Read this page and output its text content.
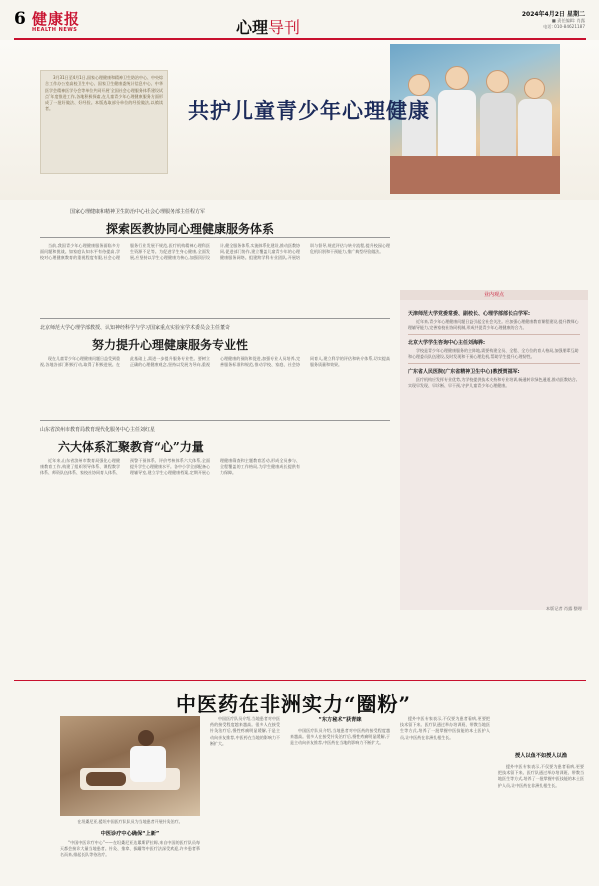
6 健康报
HEALTH NEWS	心理导刊
2024年4月2日 星期二
■ 责任编辑: 肖露
电话: 010-84621187

3月31日至4月1日,国家心理健康和精神卫生防治中心、中央综合工作办公室高校卫生中心、国家卫生健康委统计信息中心、中华医学会精神医学分会等单位共同开展‘全国社会心理服务体系建设试点’年度推进工作,各地积极探索,在儿童青少年心理健康服务方面形成了一批好做法、好经验。本版选取部分单位的经验做法,以飨读者。	共护儿童青少年心理健康
国家心理健康和精神卫生防治中心社会心理服务部主任程方军
探索医教协同心理健康服务体系

当前,我国青少年心理健康服务面临多方面问题和挑战。如家庭认知水平有待提高,学校对心理健康教育的重视程度有限,社会心理服务行业发展不规范,医疗机构精神心理科医生资源不足等。为促进学生身心健康,全面发展,应坚持以学生心理健康为核心,加强顶层设计,健全服务体系,实施体系化建设,推动医教协同,促进部门协作,建立覆盖儿童青少年的心理健康服务网络。组建跨学科专业团队,开展培训与督导,规范评估与转介流程,提升校园心理危机识别和干预能力,推广典型经验做法。

北京师范大学心理学部教授、认知神经科学与学习国家重点实验室学术委员会主任董奇
努力提升心理健康服务专业性

现在儿童青少年心理健康问题日益受到重视,各地各部门积极行动,取得了积极进展。在此基础上,需进一步提升服务专业性。要树立正确的心理健康观念,坚持以发展为导向,重视心理健康的预防和促进,加强专业人员培养,完善服务标准和规范,推动学校、家庭、社会协同育人,建立科学的评估和转介体系,切实提高服务质量和效果。

山东省滨州市教育局教育现代化服务中心主任刘红星
六大体系汇聚教育“心”力量

近年来,山东省滨州市教育局强化心理健康教育工作,构建了组织领导体系、课程教学体系、师资队伍体系、家校社协同育人体系、预警干预体系、评价考核体系六大体系,全面提升学生心理健康水平。各中小学全部配备心理辅导室,建立学生心理健康档案,定期开展心理健康筛查和主题教育活动,形成全员参与、全程覆盖的工作格局,为学生健康成长提供有力保障。

业内观点
天津师范大学党委常委、副校长、心理学部部长白学军:
近年来,青少年心理健康问题日益引起全社会关注。应加强心理健康教育课程建设,提升教师心理辅导能力,完善家校社协同机制,形成共促青少年心理健康的合力。
北京大学学生咨询中心主任刘海骅:
学校是青少年心理健康服务的主阵地,需要构建全员、全程、全方位的育人格局,加强朋辈互助和心理委员队伍建设,及时发现和干预心理危机,帮助学生提升心理韧性。
广东省人民医院(广东省精神卫生中心)教授贾福军:
医疗机构应发挥专业优势,为学校提供技术支持和专业培训,畅通转诊绿色通道,推动医教结合,实现早发现、早诊断、早干预,守护儿童青少年心理健康。
本版记者 肖露 整理
中医药在非洲实力“圈粉”
在坦桑尼亚,援坦中国医疗队队员为当地患者开展针灸治疗。
中医诊疗中心确保“上新”

“中国中医诊疗中心”——在坦桑尼亚达累斯萨拉姆,来自中国的医疗队员每天都会接诊大量当地患者。针灸、推拿、拔罐等中医疗法深受欢迎,许多患者慕名而来,排起长队等待治疗。

中国医疗队员介绍,当地患者对中医药的接受程度越来越高。很多人在接受针灸治疗后,慢性疼痛明显缓解,于是主动向亲友推荐,中医药在当地的影响力不断扩大。

“东方秘术”获青睐

中国医疗队员介绍,当地患者对中医药的接受程度越来越高。很多人在接受针灸治疗后,慢性疼痛明显缓解,于是主动向亲友推荐,中医药在当地的影响力不断扩大。

援外中医专家表示,不仅要为患者看病,更要把技术留下来。医疗队通过举办培训班、带教当地医生等方式,培养了一批掌握中医技能的本土医护人员,让中医药在非洲扎根生长。

授人以鱼不如授人以渔

援外中医专家表示,不仅要为患者看病,更要把技术留下来。医疗队通过举办培训班、带教当地医生等方式,培养了一批掌握中医技能的本土医护人员,让中医药在非洲扎根生长。
